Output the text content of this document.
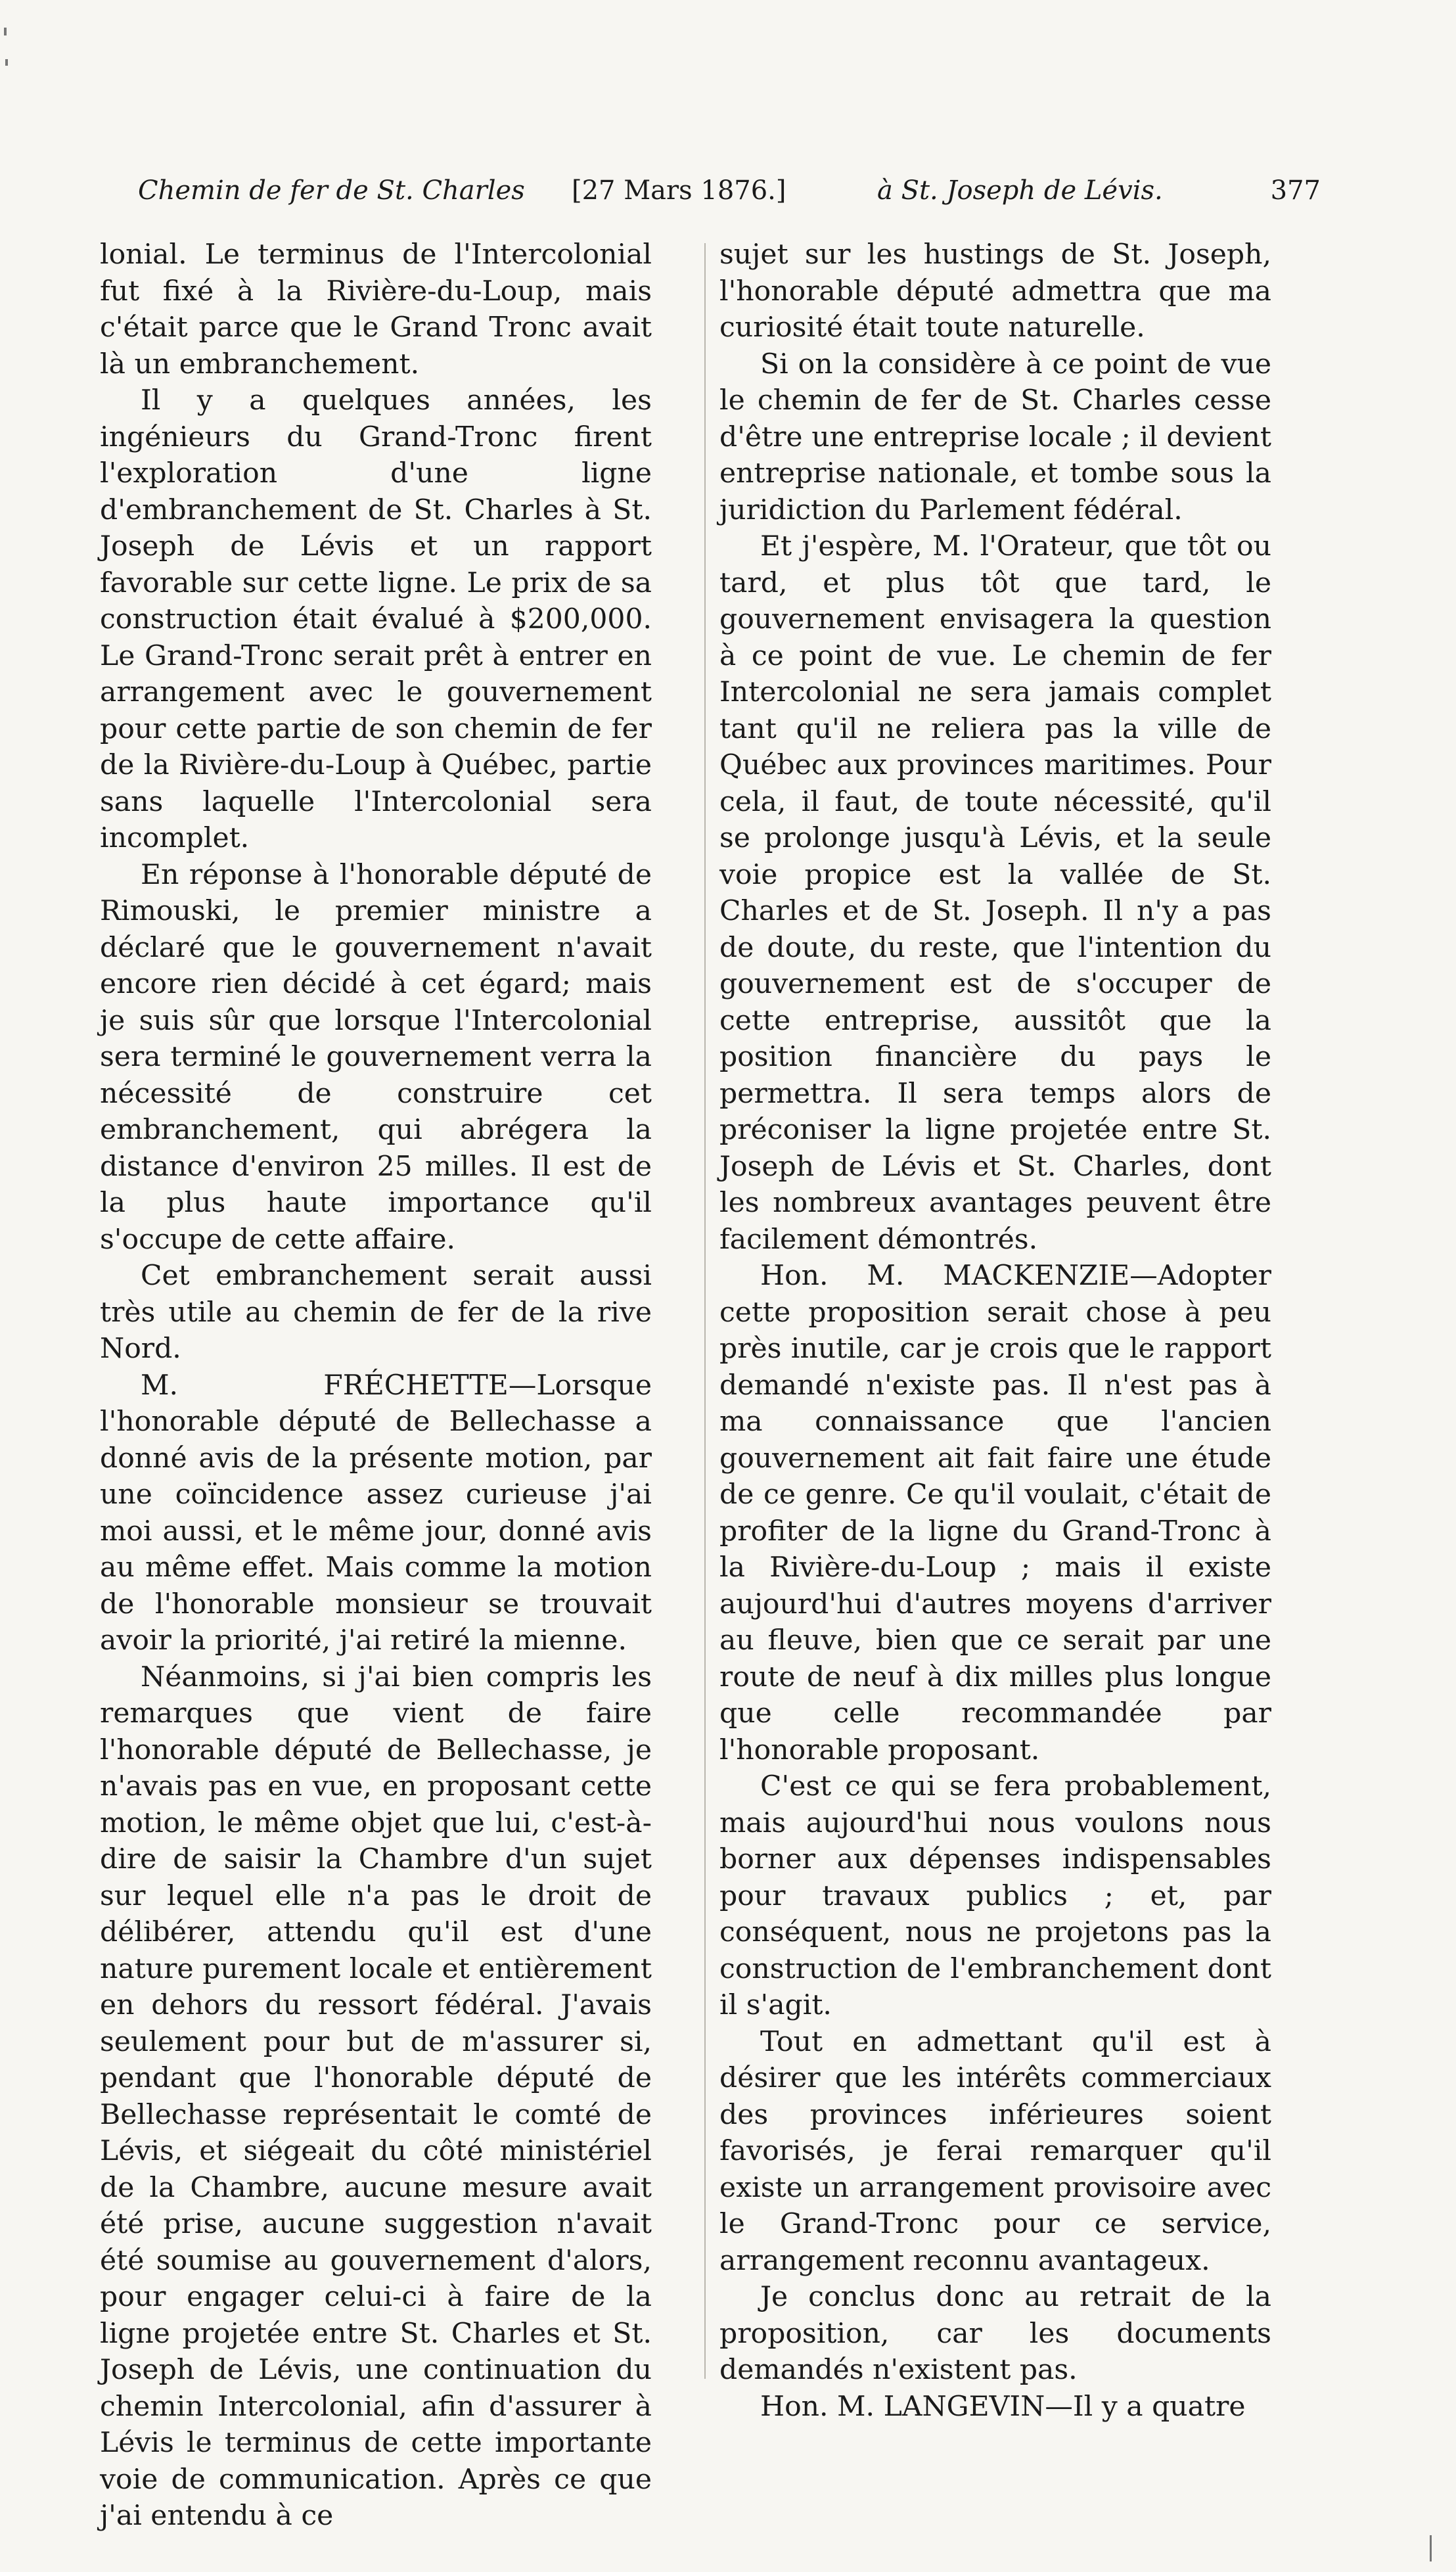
Chemin de fer de St. Charles [27 Mars 1876.]	à St. Joseph de Lévis.	377

lonial. Le terminus de l'Intercolonial fut fixé à la Rivière-du-Loup, mais c'était parce que le Grand Tronc avait là un embranchement.

Il y a quelques années, les ingénieurs du Grand-Tronc firent l'exploration d'une ligne d'embranchement de St. Charles à St. Joseph de Lévis et un rapport favorable sur cette ligne. Le prix de sa construction était évalué à $200,000. Le Grand-Tronc serait prêt à entrer en arrangement avec le gouvernement pour cette partie de son chemin de fer de la Rivière-du-Loup à Québec, partie sans laquelle l'Intercolonial sera incomplet.

En réponse à l'honorable député de Rimouski, le premier ministre a déclaré que le gouvernement n'avait encore rien décidé à cet égard; mais je suis sûr que lorsque l'Intercolonial sera terminé le gouvernement verra la nécessité de construire cet embranchement, qui abrégera la distance d'environ 25 milles. Il est de la plus haute importance qu'il s'occupe de cette affaire.

Cet embranchement serait aussi très utile au chemin de fer de la rive Nord.

M. FRÉCHETTE—Lorsque l'honorable député de Bellechasse a donné avis de la présente motion, par une coïncidence assez curieuse j'ai moi aussi, et le même jour, donné avis au même effet. Mais comme la motion de l'honorable monsieur se trouvait avoir la priorité, j'ai retiré la mienne.

Néanmoins, si j'ai bien compris les remarques que vient de faire l'honorable député de Bellechasse, je n'avais pas en vue, en proposant cette motion, le même objet que lui, c'est-à-dire de saisir la Chambre d'un sujet sur lequel elle n'a pas le droit de délibérer, attendu qu'il est d'une nature purement locale et entièrement en dehors du ressort fédéral. J'avais seulement pour but de m'assurer si, pendant que l'honorable député de Bellechasse représentait le comté de Lévis, et siégeait du côté ministériel de la Chambre, aucune mesure avait été prise, aucune suggestion n'avait été soumise au gouvernement d'alors, pour engager celui-ci à faire de la ligne projetée entre St. Charles et St. Joseph de Lévis, une continuation du chemin Intercolonial, afin d'assurer à Lévis le terminus de cette importante voie de communication. Après ce que j'ai entendu à ce

sujet sur les hustings de St. Joseph, l'honorable député admettra que ma curiosité était toute naturelle.

Si on la considère à ce point de vue le chemin de fer de St. Charles cesse d'être une entreprise locale ; il devient entreprise nationale, et tombe sous la juridiction du Parlement fédéral.

Et j'espère, M. l'Orateur, que tôt ou tard, et plus tôt que tard, le gouvernement envisagera la question à ce point de vue. Le chemin de fer Intercolonial ne sera jamais complet tant qu'il ne reliera pas la ville de Québec aux provinces maritimes. Pour cela, il faut, de toute nécessité, qu'il se prolonge jusqu'à Lévis, et la seule voie propice est la vallée de St. Charles et de St. Joseph. Il n'y a pas de doute, du reste, que l'intention du gouvernement est de s'occuper de cette entreprise, aussitôt que la position financière du pays le permettra. Il sera temps alors de préconiser la ligne projetée entre St. Joseph de Lévis et St. Charles, dont les nombreux avantages peuvent être facilement démontrés.

Hon. M. MACKENZIE—Adopter cette proposition serait chose à peu près inutile, car je crois que le rapport demandé n'existe pas. Il n'est pas à ma connaissance que l'ancien gouvernement ait fait faire une étude de ce genre. Ce qu'il voulait, c'était de profiter de la ligne du Grand-Tronc à la Rivière-du-Loup ; mais il existe aujourd'hui d'autres moyens d'arriver au fleuve, bien que ce serait par une route de neuf à dix milles plus longue que celle recommandée par l'honorable proposant.

C'est ce qui se fera probablement, mais aujourd'hui nous voulons nous borner aux dépenses indispensables pour travaux publics ; et, par conséquent, nous ne projetons pas la construction de l'embranchement dont il s'agit.

Tout en admettant qu'il est à désirer que les intérêts commerciaux des provinces inférieures soient favorisés, je ferai remarquer qu'il existe un arrangement provisoire avec le Grand-Tronc pour ce service, arrangement reconnu avantageux.

Je conclus donc au retrait de la proposition, car les documents demandés n'existent pas.

Hon. M. LANGEVIN—Il y a quatre
